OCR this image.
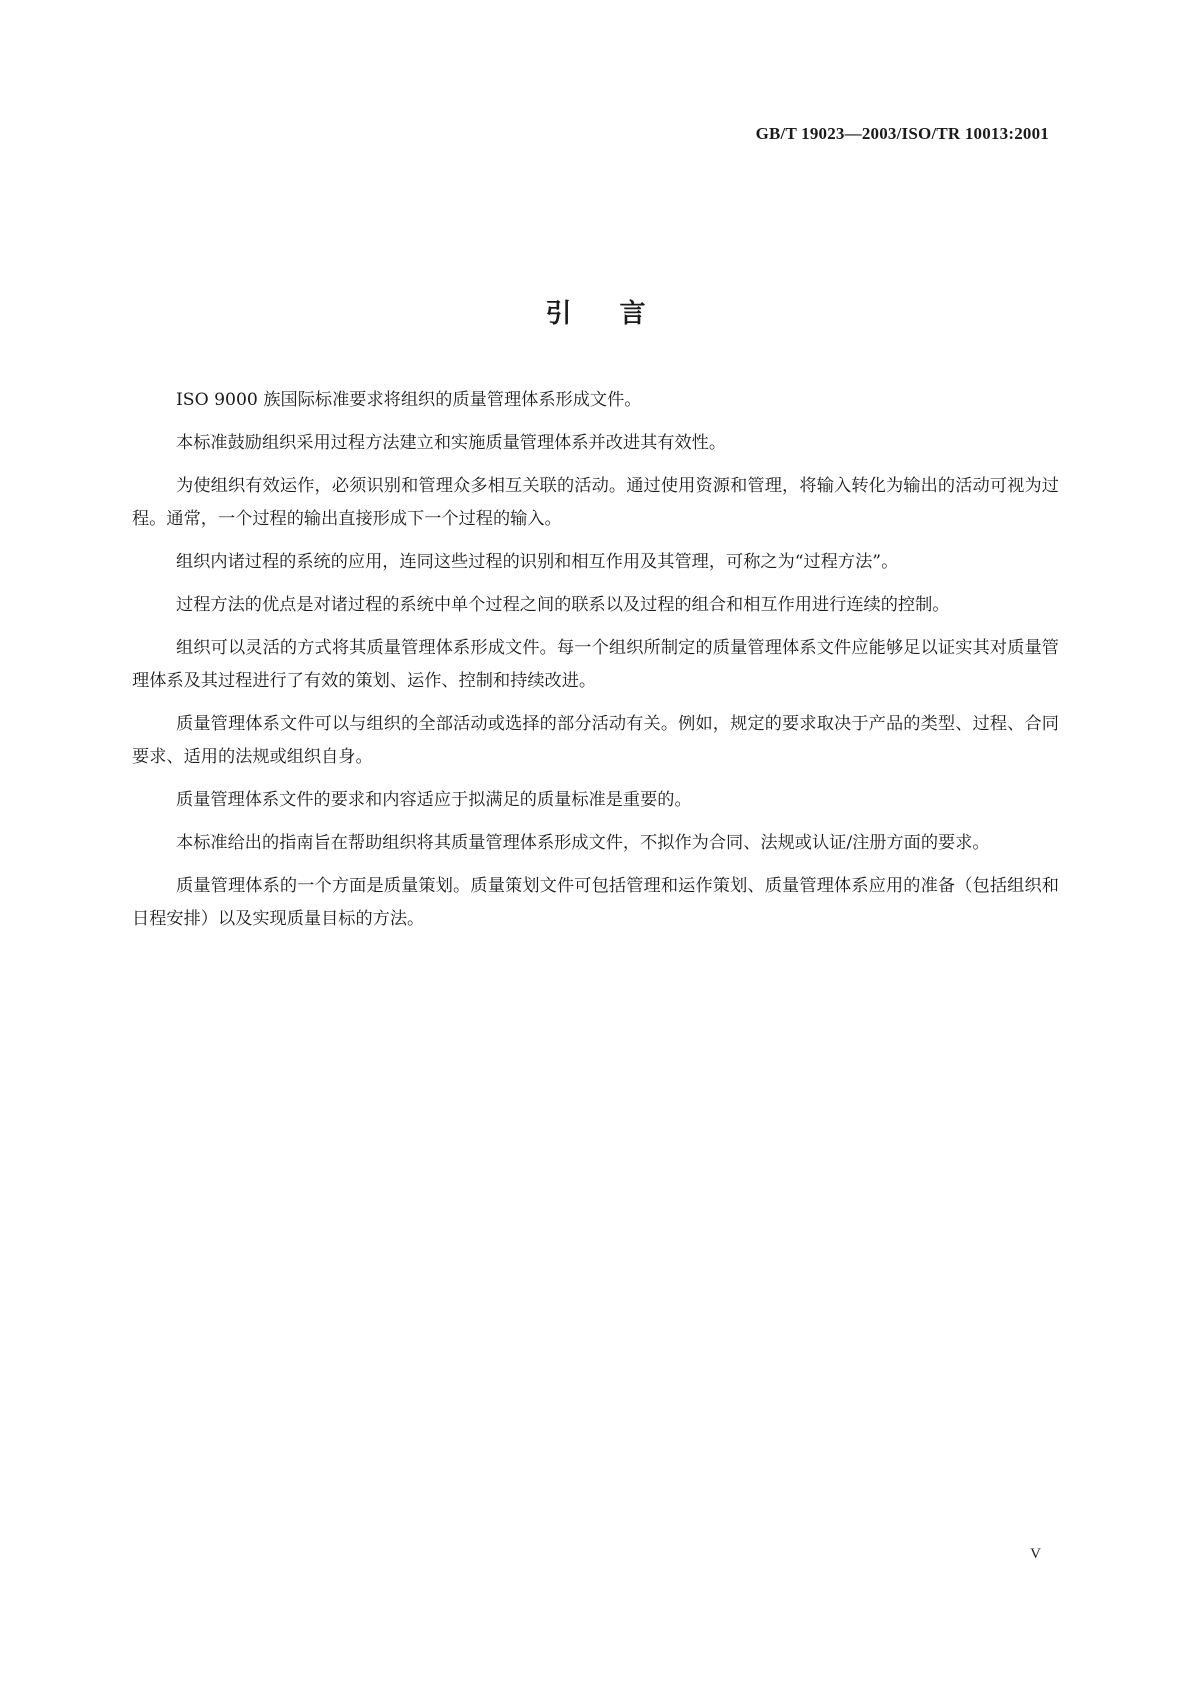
GB/T 19023—2003/ISO/TR 10013:2001
引言

ISO 9000 族国际标准要求将组织的质量管理体系形成文件。

本标准鼓励组织采用过程方法建立和实施质量管理体系并改进其有效性。

为使组织有效运作，必须识别和管理众多相互关联的活动。通过使用资源和管理，将输入转化为输出的活动可视为过程。通常，一个过程的输出直接形成下一个过程的输入。

组织内诸过程的系统的应用，连同这些过程的识别和相互作用及其管理，可称之为“过程方法”。

过程方法的优点是对诸过程的系统中单个过程之间的联系以及过程的组合和相互作用进行连续的控制。

组织可以灵活的方式将其质量管理体系形成文件。每一个组织所制定的质量管理体系文件应能够足以证实其对质量管理体系及其过程进行了有效的策划、运作、控制和持续改进。

质量管理体系文件可以与组织的全部活动或选择的部分活动有关。例如，规定的要求取决于产品的类型、过程、合同要求、适用的法规或组织自身。

质量管理体系文件的要求和内容适应于拟满足的质量标准是重要的。

本标准给出的指南旨在帮助组织将其质量管理体系形成文件，不拟作为合同、法规或认证/注册方面的要求。

质量管理体系的一个方面是质量策划。质量策划文件可包括管理和运作策划、质量管理体系应用的准备（包括组织和日程安排）以及实现质量目标的方法。

V
